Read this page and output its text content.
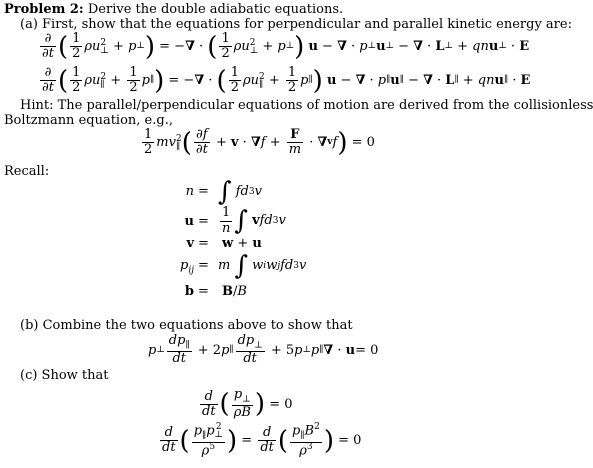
Problem 2: Derive the double adiabatic equations.
(a) First, show that the equations for perpendicular and parallel kinetic energy are:
$\frac{\partial}{\partial t}$ ( $\frac{1}{2}$ ρu 2
⊥ + p ⊥ ) = − ∇ · ( $\frac{1}{2}$ ρu 2
⊥ + p ⊥ )
u − ∇ · p ⊥ u ⊥ − ∇ · L ⊥ + qn u ⊥ · E
$\frac{\partial}{\partial t}$ ( $\frac{1}{2}$ ρu 2
∥ + $\frac{1}{2}$ p ∥ ) = − ∇ · ( $\frac{1}{2}$ ρu 2
∥ + $\frac{1}{2}$ p ∥ )
u − ∇ · p ∥ u ∥ − ∇ · L ∥ + qn u ∥ · E
Hint: The parallel/perpendicular equations of motion are derived from the collisionless
Boltzmann equation, e.g.,
$\frac{1}{2}$ mv 2
∥ ( $\frac{\partial f}{\partial t} + v$ · ∇ $f + \frac{F}{m}$ · ∇ v f ) = 0
Recall:
n = ∫
fd 3 v
$u = \frac{1}{n}$ ∫
v fd 3 v
v = w + u
$p_{ij} = m$
∫
w i w j fd 3 v
b = B/B
(b) Combine the two equations above to show that
p ⊥ $\frac{dp_\parallel}{dt} + 2$ p ∥ $\frac{dp_\perp}{dt} + 5$ p ⊥ p ∥ ∇ · u = 0
(c) Show that
$\frac{d}{dt}$ ( $\frac{p_\perp}{\rho B}$ ) = 0
$\frac{d}{dt}$ ( $p_\parallel p$ 2
⊥
$\rho^5$ ) = $\frac{d}{dt}$ ( $\frac{p_\parallel B^2}{\rho^3}$ ) = 0
